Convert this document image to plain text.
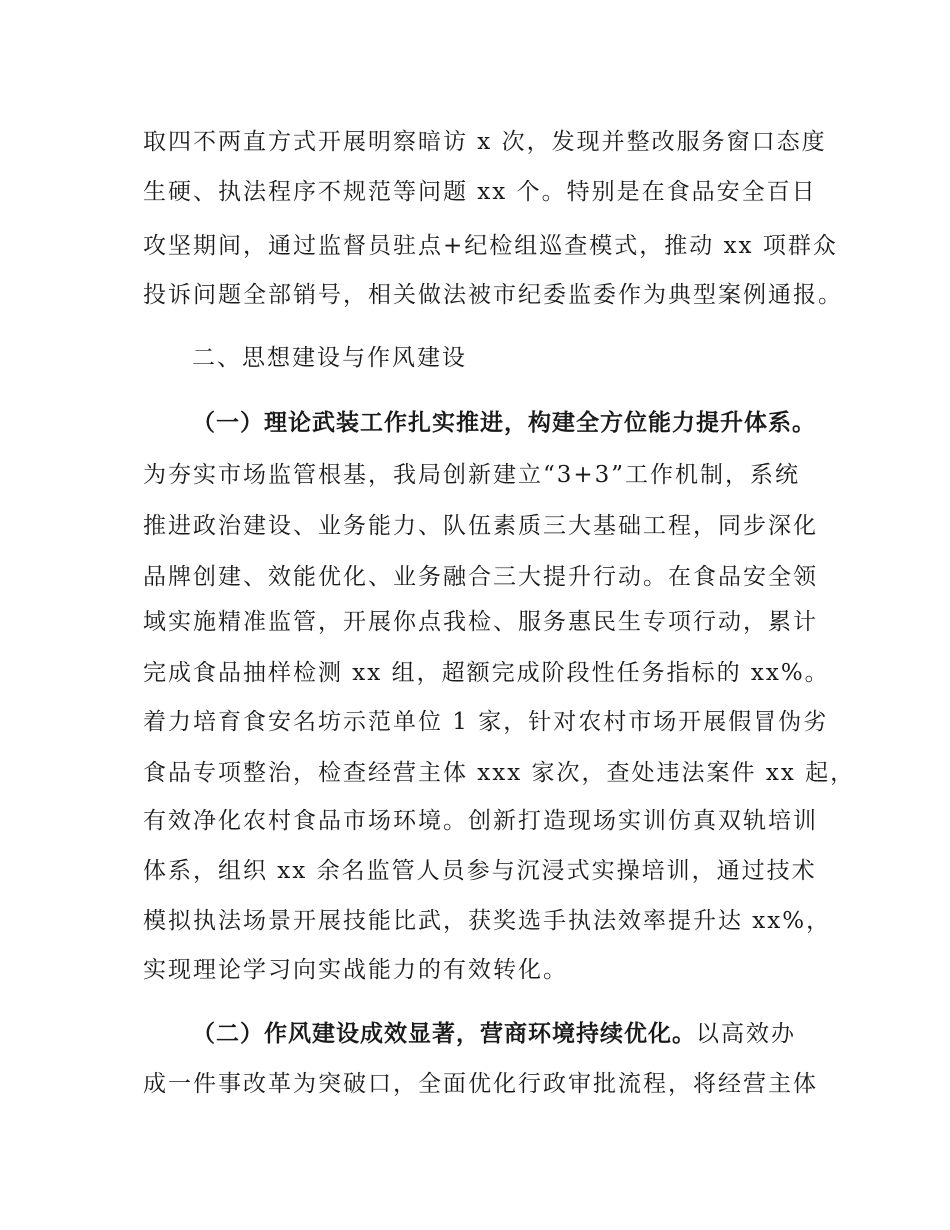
取四不两直方式开展明察暗访 x 次，发现并整改服务窗口态度

生硬、执法程序不规范等问题 xx 个。特别是在食品安全百日

攻坚期间，通过监督员驻点+纪检组巡查模式，推动 xx 项群众

投诉问题全部销号，相关做法被市纪委监委作为典型案例通报。

二、思想建设与作风建设

（一）理论武装工作扎实推进，构建全方位能力提升体系。

为夯实市场监管根基，我局创新建立“3+3”工作机制，系统

推进政治建设、业务能力、队伍素质三大基础工程，同步深化

品牌创建、效能优化、业务融合三大提升行动。在食品安全领

域实施精准监管，开展你点我检、服务惠民生专项行动，累计

完成食品抽样检测 xx 组，超额完成阶段性任务指标的 xx%。

着力培育食安名坊示范单位 1 家，针对农村市场开展假冒伪劣

食品专项整治，检查经营主体 xxx 家次，查处违法案件 xx 起，

有效净化农村食品市场环境。创新打造现场实训仿真双轨培训

体系，组织 xx 余名监管人员参与沉浸式实操培训，通过技术

模拟执法场景开展技能比武，获奖选手执法效率提升达 xx%，

实现理论学习向实战能力的有效转化。

（二）作风建设成效显著，营商环境持续优化。以高效办

成一件事改革为突破口，全面优化行政审批流程，将经营主体
